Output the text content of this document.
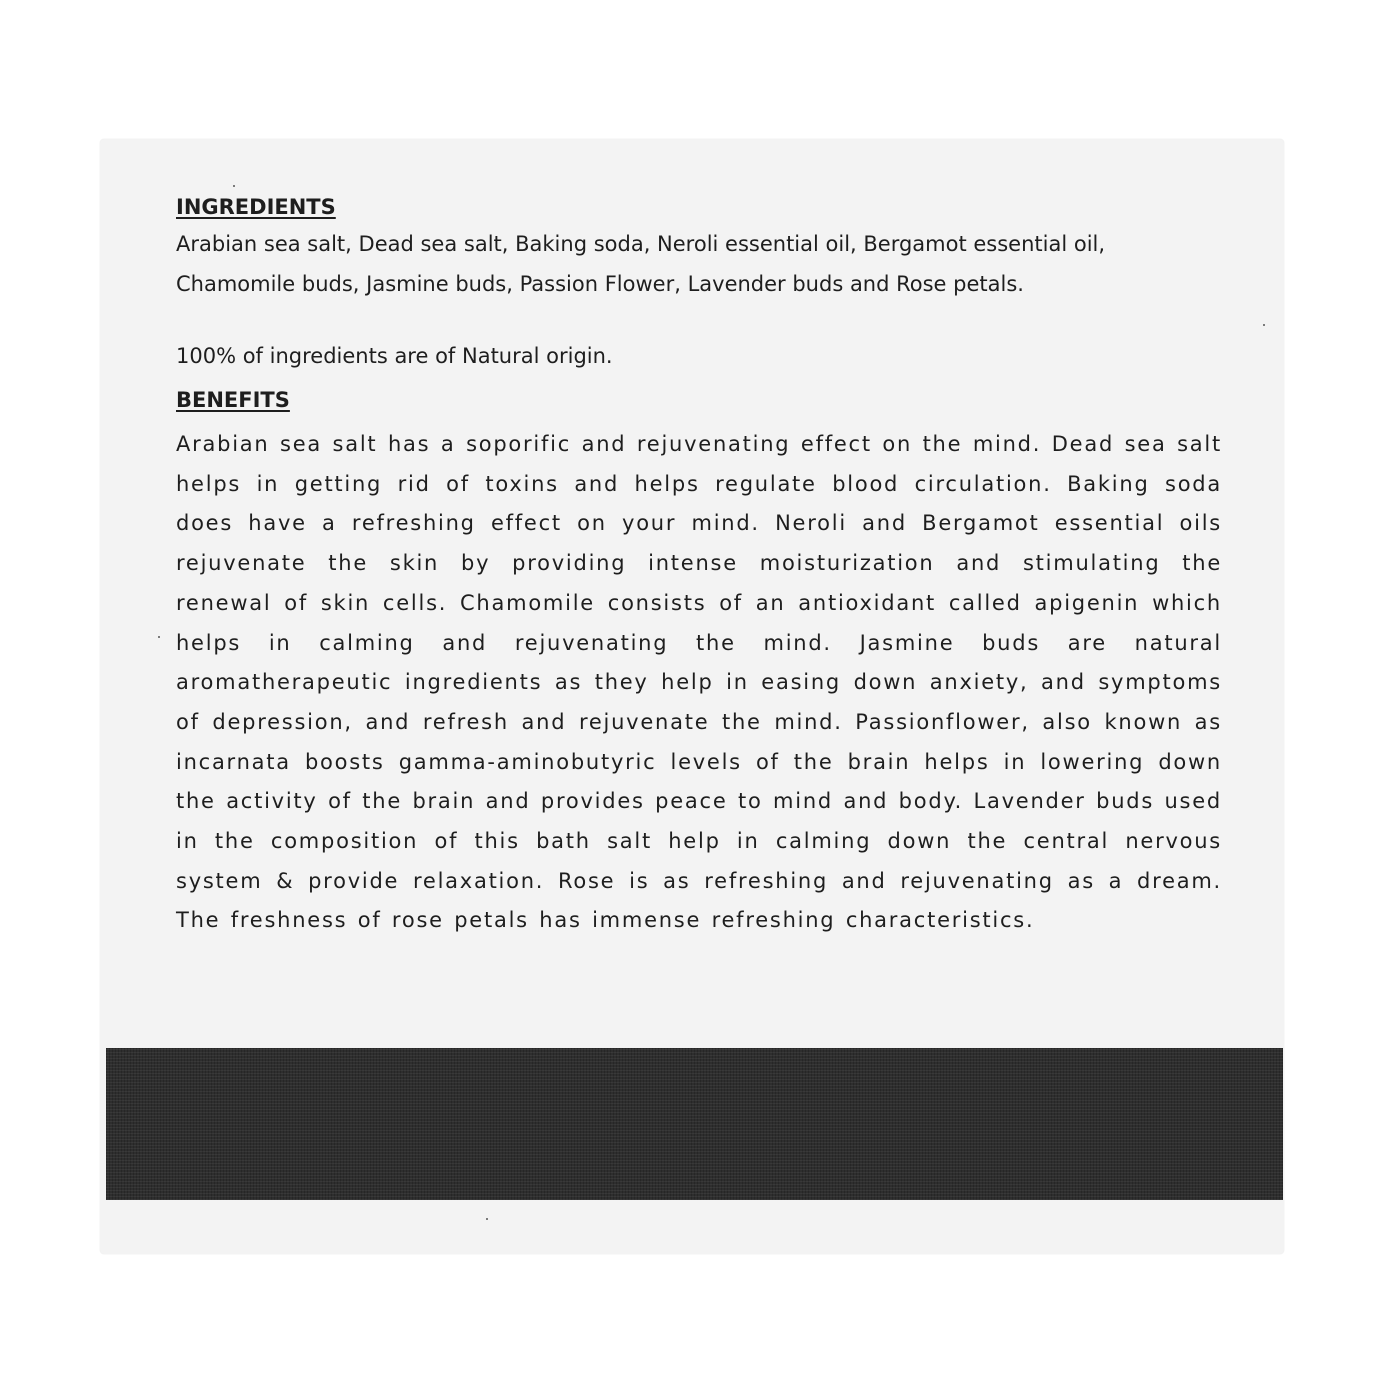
INGREDIENTS

Arabian sea salt, Dead sea salt, Baking soda, Neroli essential oil, Bergamot essential oil, Chamomile buds, Jasmine buds, Passion Flower, Lavender buds and Rose petals.

100% of ingredients are of Natural origin.

BENEFITS

Arabian sea salt has a soporific and rejuvenating effect on the mind. Dead sea salt helps in getting rid of toxins and helps regulate blood circulation. Baking soda does have a refreshing effect on your mind. Neroli and Bergamot essential oils rejuvenate the skin by providing intense moisturization and stimulating the renewal of skin cells. Chamomile consists of an antioxidant called apigenin which helps in calming and rejuvenating the mind. Jasmine buds are natural aromatherapeutic ingredients as they help in easing down anxiety, and symptoms of depression, and refresh and rejuvenate the mind. Passionflower, also known as incarnata boosts gamma-aminobutyric levels of the brain helps in lowering down the activity of the brain and provides peace to mind and body. Lavender buds used in the composition of this bath salt help in calming down the central nervous system & provide relaxation. Rose is as refreshing and rejuvenating as a dream. The freshness of rose petals has immense refreshing characteristics.
